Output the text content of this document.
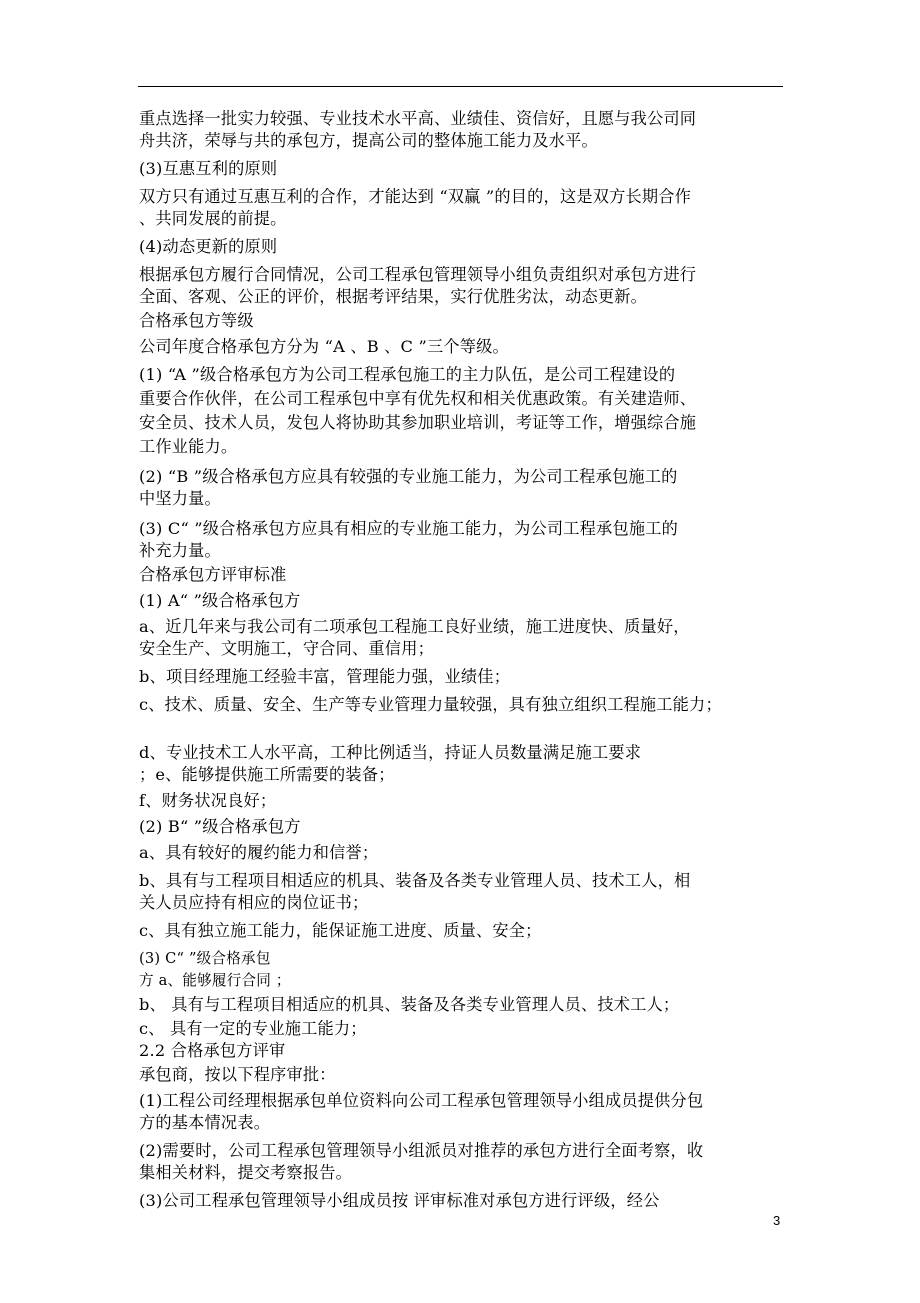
重点选择一批实力较强、专业技术水平高、业绩佳、资信好，且愿与我公司同
舟共济，荣辱与共的承包方，提高公司的整体施工能力及水平。
(3)互惠互利的原则
双方只有通过互惠互利的合作，才能达到 “双赢 ”的目的，这是双方长期合作
、共同发展的前提。
(4)动态更新的原则
根据承包方履行合同情况，公司工程承包管理领导小组负责组织对承包方进行
全面、客观、公正的评价，根据考评结果，实行优胜劣汰，动态更新。
合格承包方等级
公司年度合格承包方分为 “A 、B 、C ”三个等级。
(1) “A ”级合格承包方为公司工程承包施工的主力队伍，是公司工程建设的
重要合作伙伴，在公司工程承包中享有优先权和相关优惠政策。有关建造师、
安全员、技术人员，发包人将协助其参加职业培训，考证等工作，增强综合施
工作业能力。
(2) “B ”级合格承包方应具有较强的专业施工能力，为公司工程承包施工的
中坚力量。
(3) C“ ”级合格承包方应具有相应的专业施工能力，为公司工程承包施工的
补充力量。
合格承包方评审标准
(1) A“ ”级合格承包方
a、近几年来与我公司有二项承包工程施工良好业绩，施工进度快、质量好，
安全生产、文明施工，守合同、重信用；
b、项目经理施工经验丰富，管理能力强，业绩佳；
c、技术、质量、安全、生产等专业管理力量较强，具有独立组织工程施工能力；
d、专业技术工人水平高，工种比例适当，持证人员数量满足施工要求
；e、能够提供施工所需要的装备；
f、财务状况良好；
(2) B“ ”级合格承包方
a、具有较好的履约能力和信誉；
b、具有与工程项目相适应的机具、装备及各类专业管理人员、技术工人，相
关人员应持有相应的岗位证书；
c、具有独立施工能力，能保证施工进度、质量、安全；
(3) C“ ”级合格承包
方 a、能够履行合同 ；
b、 具有与工程项目相适应的机具、装备及各类专业管理人员、技术工人；
c、 具有一定的专业施工能力；
2.2 合格承包方评审
承包商，按以下程序审批：
(1)工程公司经理根据承包单位资料向公司工程承包管理领导小组成员提供分包
方的基本情况表。
(2)需要时，公司工程承包管理领导小组派员对推荐的承包方进行全面考察，收
集相关材料，提交考察报告。
(3)公司工程承包管理领导小组成员按 评审标准对承包方进行评级，经公
3
